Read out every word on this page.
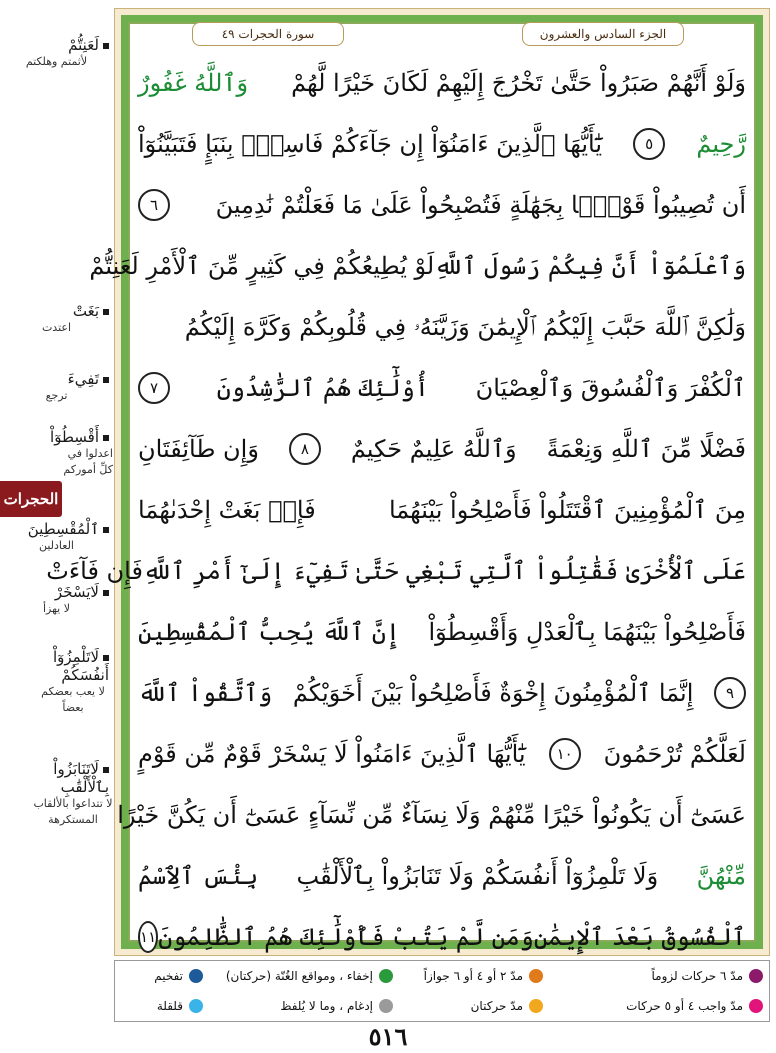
لَعَنِتُّمْ
لأثمتم وهلكتم
بَغَتْ
اعتدت
تَفِيءَ
ترجع
أَقْسِطُوٓاْ
اعدلوا في كلِّ أموركم
ٱلْمُقْسِطِينَ
العادلين
لَايَسْخَرْ
لا يهزأ
لَاتَلْمِزُوٓاْ أَنفُسَكُمْ
لا يعب بعضكم بعضاً
لَاتَنَابَزُواْ بِٱلْأَلْقَٰبِ
لا تتداعوا بالألقاب المستكرهة
الحجرات
سورة الحجرات ٤٩	الجزء السادس والعشرون
وَلَوْ أَنَّهُمْ صَبَرُواْ حَتَّىٰ تَخْرُجَ إِلَيْهِمْ لَكَانَ خَيْرًا لَّهُمْ
وَٱللَّهُ غَفُورٌ
رَّحِيمٌ
٥
يَٰٓأَيُّهَا ٱلَّذِينَ ءَامَنُوٓاْ إِن جَآءَكُمْ فَاسِقُۢ بِنَبَإٍ فَتَبَيَّنُوٓاْ
أَن تُصِيبُواْ قَوْمًۢا بِجَهَٰلَةٍ فَتُصْبِحُواْ عَلَىٰ مَا فَعَلْتُمْ نَٰدِمِينَ
٦
وَٱعْلَمُوٓاْ أَنَّ فِيكُمْ رَسُولَ ٱللَّهِ
لَوْ يُطِيعُكُمْ فِي كَثِيرٍ مِّنَ ٱلْأَمْرِ لَعَنِتُّمْ
وَلَٰكِنَّ ٱللَّهَ حَبَّبَ إِلَيْكُمُ ٱلْإِيمَٰنَ وَزَيَّنَهُۥ فِي قُلُوبِكُمْ وَكَرَّهَ إِلَيْكُمُ
ٱلْكُفْرَ وَٱلْفُسُوقَ وَٱلْعِصْيَانَ
أُوْلَٰٓئِكَ هُمُ ٱلرَّٰشِدُونَ
٧
فَضْلًا مِّنَ ٱللَّهِ وَنِعْمَةً
وَٱللَّهُ عَلِيمٌ حَكِيمٌ
٨
وَإِن طَآئِفَتَانِ
مِنَ ٱلْمُؤْمِنِينَ ٱقْتَتَلُواْ فَأَصْلِحُواْ بَيْنَهُمَا
فَإِنۢ بَغَتْ إِحْدَىٰهُمَا
عَلَى ٱلْأُخْرَىٰ فَقَٰتِلُواْ ٱلَّتِي تَبْغِي حَتَّىٰ تَفِيٓءَ إِلَىٰٓ أَمْرِ ٱللَّهِ
فَإِن فَآءَتْ
فَأَصْلِحُواْ بَيْنَهُمَا بِٱلْعَدْلِ وَأَقْسِطُوٓاْ
إِنَّ ٱللَّهَ يُحِبُّ ٱلْمُقْسِطِينَ
٩
إِنَّمَا ٱلْمُؤْمِنُونَ إِخْوَةٌ فَأَصْلِحُواْ بَيْنَ أَخَوَيْكُمْ
وَٱتَّقُواْ ٱللَّهَ
لَعَلَّكُمْ تُرْحَمُونَ
١٠
يَٰٓأَيُّهَا ٱلَّذِينَ ءَامَنُواْ لَا يَسْخَرْ قَوْمٌ مِّن قَوْمٍ
عَسَىٰٓ أَن يَكُونُواْ خَيْرًا مِّنْهُمْ وَلَا نِسَآءٌ مِّن نِّسَآءٍ عَسَىٰٓ أَن يَكُنَّ خَيْرًا
مِّنْهُنَّ
وَلَا تَلْمِزُوٓاْ أَنفُسَكُمْ وَلَا تَنَابَزُواْ بِٱلْأَلْقَٰبِ
بِئْسَ ٱلِٱسْمُ
ٱلْفُسُوقُ بَعْدَ ٱلْإِيمَٰنِ
وَمَن لَّمْ يَتُبْ فَأُوْلَٰٓئِكَ هُمُ ٱلظَّٰلِمُونَ
١١
مدّ ٦ حركات لزوماً
مدّ واجب ٤ أو ٥ حركات
مدّ ٢ أو ٤ أو ٦ جوازاً
مدّ حركتان
إخفاء ، ومواقع الغُنّة (حركتان)
إدغام ، وما لا يُلفظ
تفخيم
قلقلة
٥١٦
